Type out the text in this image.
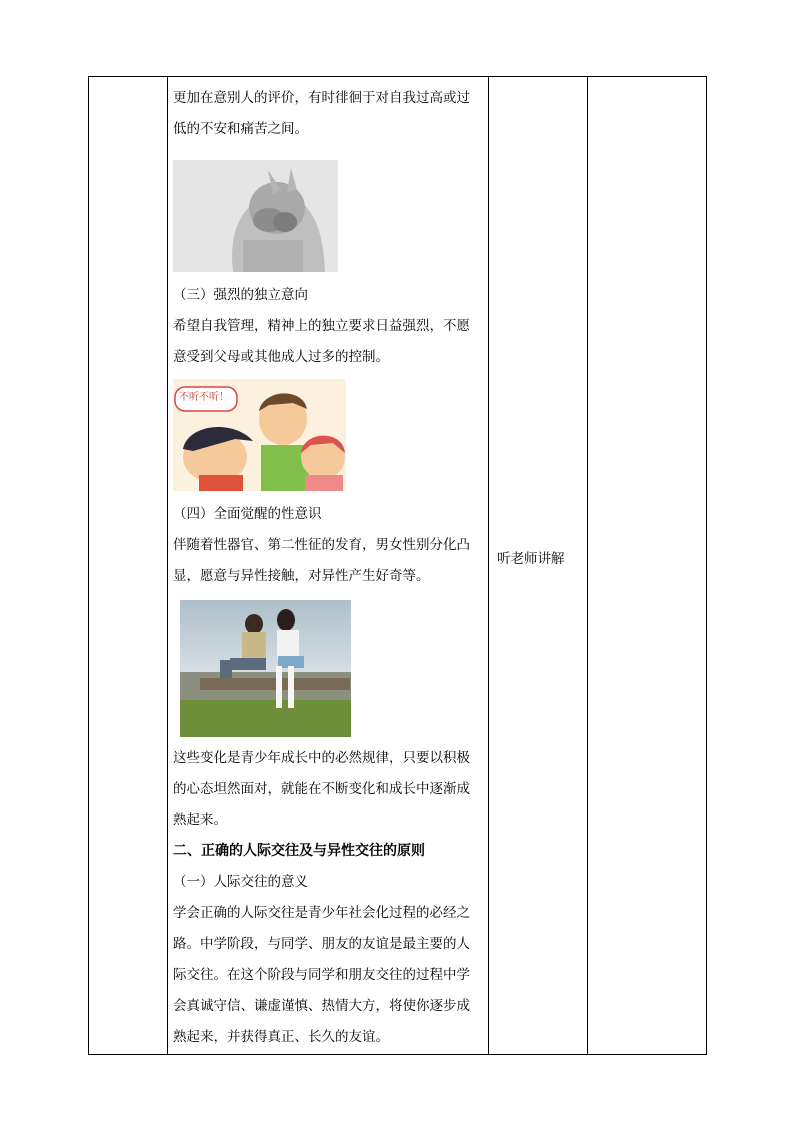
更加在意别人的评价，有时徘徊于对自我过高或过低的不安和痛苦之间。

（三）强烈的独立意向

希望自我管理，精神上的独立要求日益强烈，不愿意受到父母或其他成人过多的控制。

不听不听！

（四）全面觉醒的性意识

伴随着性器官、第二性征的发育，男女性别分化凸显，愿意与异性接触，对异性产生好奇等。

这些变化是青少年成长中的必然规律，只要以积极的心态坦然面对，就能在不断变化和成长中逐渐成熟起来。

二、正确的人际交往及与异性交往的原则

（一）人际交往的意义

学会正确的人际交往是青少年社会化过程的必经之路。中学阶段，与同学、朋友的友谊是最主要的人际交往。在这个阶段与同学和朋友交往的过程中学会真诚守信、谦虚谨慎、热情大方，将使你逐步成熟起来，并获得真正、长久的友谊。

听老师讲解
